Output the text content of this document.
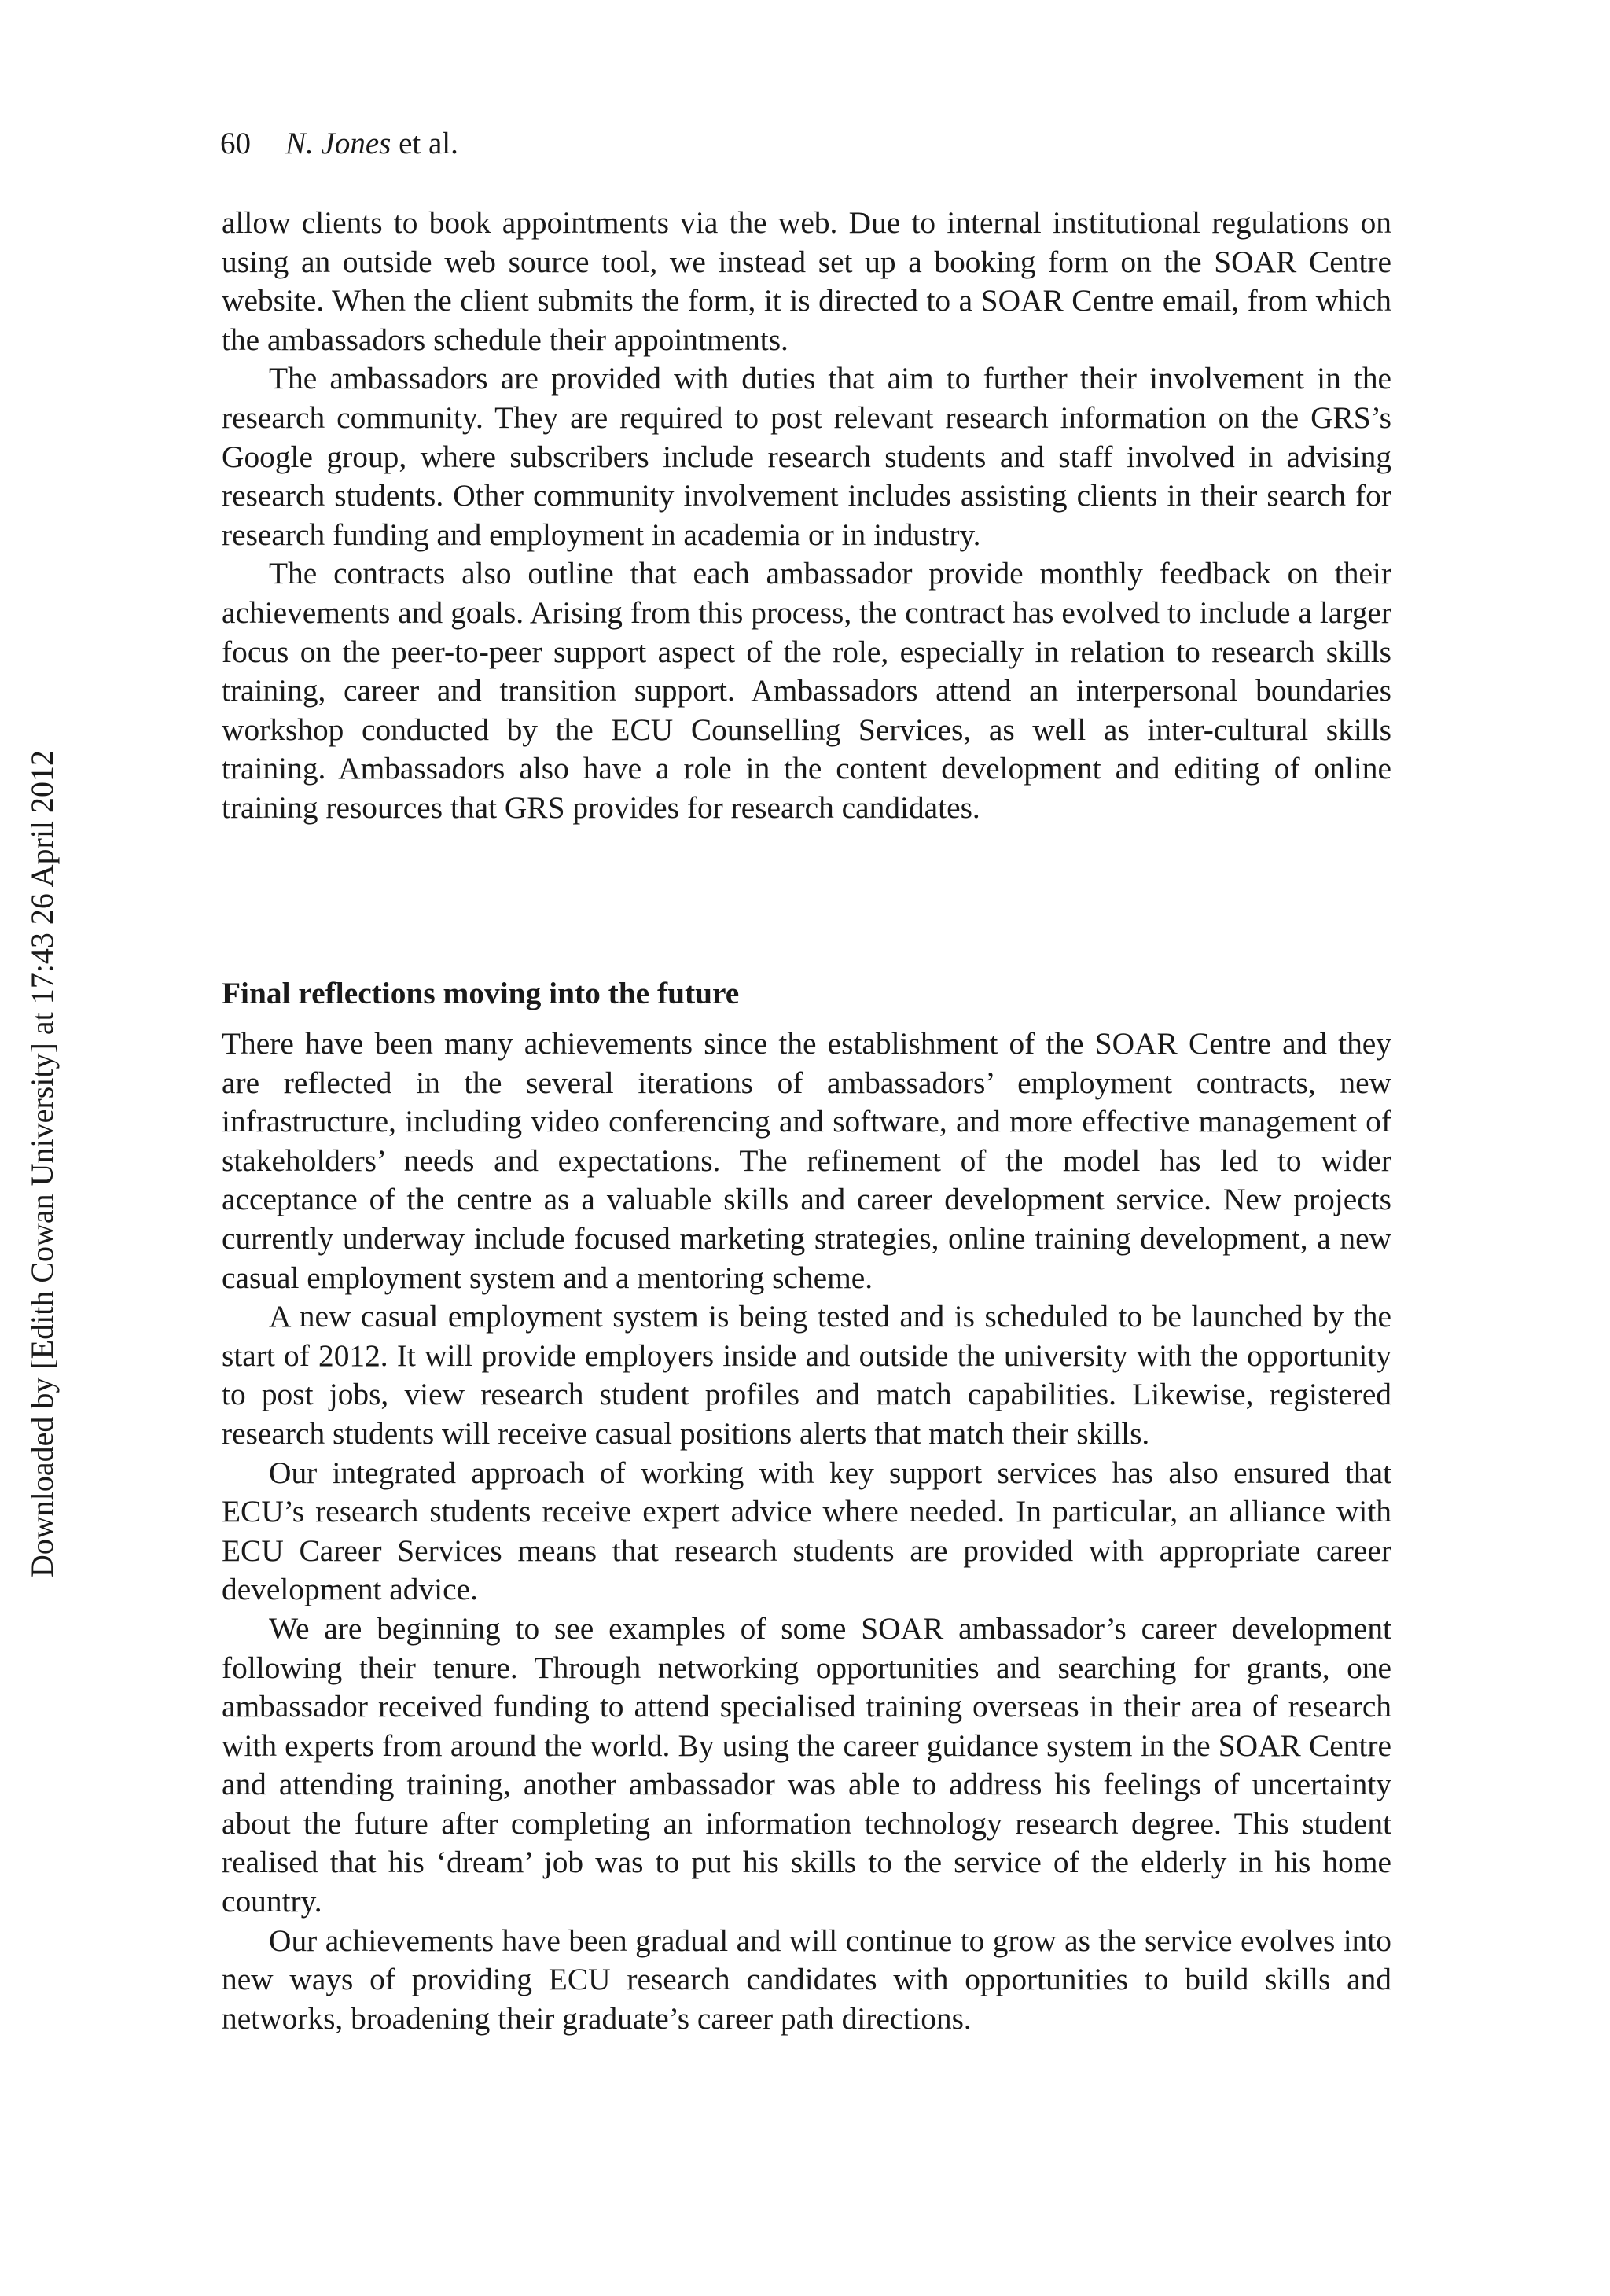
Downloaded by [Edith Cowan University] at 17:43 26 April 2012
60 N. Jones et al.

allow clients to book appointments via the web. Due to internal institutional regulations on using an outside web source tool, we instead set up a booking form on the SOAR Centre website. When the client submits the form, it is directed to a SOAR Centre email, from which the ambassadors schedule their appointments.

The ambassadors are provided with duties that aim to further their involvement in the research community. They are required to post relevant research information on the GRS’s Google group, where subscribers include research students and staff involved in advising research students. Other community involvement includes assisting clients in their search for research funding and employment in academia or in industry.

The contracts also outline that each ambassador provide monthly feedback on their achievements and goals. Arising from this process, the contract has evolved to include a larger focus on the peer-to-peer support aspect of the role, especially in relation to research skills training, career and transition support. Ambassadors attend an interpersonal boundaries workshop conducted by the ECU Counselling Services, as well as inter-cultural skills training. Ambassadors also have a role in the content development and editing of online training resources that GRS provides for research candidates.

Final reflections moving into the future

There have been many achievements since the establishment of the SOAR Centre and they are reflected in the several iterations of ambassadors’ employment contracts, new infrastructure, including video conferencing and software, and more effective management of stakeholders’ needs and expectations. The refinement of the model has led to wider acceptance of the centre as a valuable skills and career development service. New projects currently underway include focused marketing strategies, online training development, a new casual employment system and a mentoring scheme.

A new casual employment system is being tested and is scheduled to be launched by the start of 2012. It will provide employers inside and outside the university with the opportunity to post jobs, view research student profiles and match capabilities. Likewise, registered research students will receive casual positions alerts that match their skills.

Our integrated approach of working with key support services has also ensured that ECU’s research students receive expert advice where needed. In particular, an alliance with ECU Career Services means that research students are provided with appropriate career development advice.

We are beginning to see examples of some SOAR ambassador’s career development following their tenure. Through networking opportunities and searching for grants, one ambassador received funding to attend specialised training overseas in their area of research with experts from around the world. By using the career guidance system in the SOAR Centre and attending training, another ambassador was able to address his feelings of uncertainty about the future after completing an information technology research degree. This student realised that his ‘dream’ job was to put his skills to the service of the elderly in his home country.

Our achievements have been gradual and will continue to grow as the service evolves into new ways of providing ECU research candidates with opportunities to build skills and networks, broadening their graduate’s career path directions.
